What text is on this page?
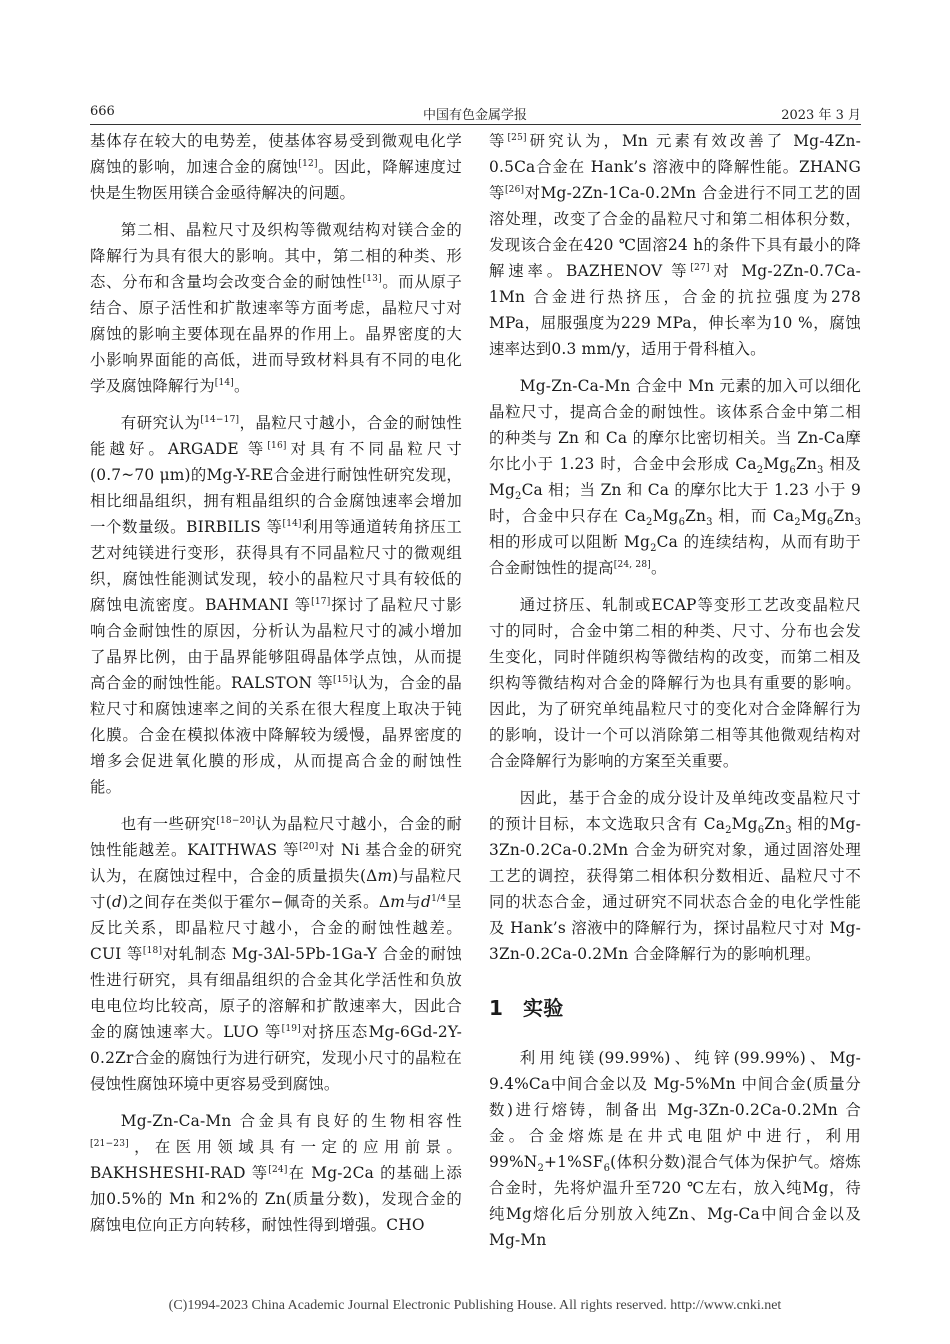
666	中国有色金属学报	2023 年 3 月

基体存在较大的电势差，使基体容易受到微观电化学腐蚀的影响，加速合金的腐蚀[12]。因此，降解速度过快是生物医用镁合金亟待解决的问题。

第二相、晶粒尺寸及织构等微观结构对镁合金的降解行为具有很大的影响。其中，第二相的种类、形态、分布和含量均会改变合金的耐蚀性[13]。而从原子结合、原子活性和扩散速率等方面考虑，晶粒尺寸对腐蚀的影响主要体现在晶界的作用上。晶界密度的大小影响界面能的高低，进而导致材料具有不同的电化学及腐蚀降解行为[14]。

有研究认为[14−17]，晶粒尺寸越小，合金的耐蚀性能越好。ARGADE 等[16]对具有不同晶粒尺寸(0.7~70 μm)的Mg-Y-RE合金进行耐蚀性研究发现，相比细晶组织，拥有粗晶组织的合金腐蚀速率会增加一个数量级。BIRBILIS 等[14]利用等通道转角挤压工艺对纯镁进行变形，获得具有不同晶粒尺寸的微观组织，腐蚀性能测试发现，较小的晶粒尺寸具有较低的腐蚀电流密度。BAHMANI 等[17]探讨了晶粒尺寸影响合金耐蚀性的原因，分析认为晶粒尺寸的减小增加了晶界比例，由于晶界能够阻碍晶体学点蚀，从而提高合金的耐蚀性能。RALSTON 等[15]认为，合金的晶粒尺寸和腐蚀速率之间的关系在很大程度上取决于钝化膜。合金在模拟体液中降解较为缓慢，晶界密度的增多会促进氧化膜的形成，从而提高合金的耐蚀性能。

也有一些研究[18−20]认为晶粒尺寸越小，合金的耐蚀性能越差。KAITHWAS 等[20]对 Ni 基合金的研究认为，在腐蚀过程中，合金的质量损失(Δm)与晶粒尺寸(d)之间存在类似于霍尔−佩奇的关系。Δm与$d^{1/4}$呈反比关系，即晶粒尺寸越小，合金的耐蚀性越差。CUI 等[18]对轧制态 Mg-3Al-5Pb-1Ga-Y 合金的耐蚀性进行研究，具有细晶组织的合金其化学活性和负放电电位均比较高，原子的溶解和扩散速率大，因此合金的腐蚀速率大。LUO 等[19]对挤压态Mg-6Gd-2Y-0.2Zr合金的腐蚀行为进行研究，发现小尺寸的晶粒在侵蚀性腐蚀环境中更容易受到腐蚀。

Mg-Zn-Ca-Mn 合金具有良好的生物相容性[21−23]，在医用领域具有一定的应用前景。BAKHSHESHI-RAD 等[24]在 Mg-2Ca 的基础上添加0.5%的 Mn 和2%的 Zn(质量分数)，发现合金的腐蚀电位向正方向转移，耐蚀性得到增强。CHO

等[25]研究认为，Mn 元素有效改善了 Mg-4Zn-0.5Ca合金在 Hank’s 溶液中的降解性能。ZHANG 等[26]对Mg-2Zn-1Ca-0.2Mn 合金进行不同工艺的固溶处理，改变了合金的晶粒尺寸和第二相体积分数，发现该合金在420 ℃固溶24 h的条件下具有最小的降解速率。BAZHENOV 等[27]对 Mg-2Zn-0.7Ca-1Mn 合金进行热挤压，合金的抗拉强度为278 MPa，屈服强度为229 MPa，伸长率为10 %，腐蚀速率达到0.3 mm/y，适用于骨科植入。

Mg-Zn-Ca-Mn 合金中 Mn 元素的加入可以细化晶粒尺寸，提高合金的耐蚀性。该体系合金中第二相的种类与 Zn 和 Ca 的摩尔比密切相关。当 Zn-Ca摩尔比小于 1.23 时，合金中会形成 $Ca_2Mg_6Zn_3$ 相及$Mg_2Ca$ 相；当 Zn 和 Ca 的摩尔比大于 1.23 小于 9 时，合金中只存在 $Ca_2Mg_6Zn_3$ 相，而 $Ca_2Mg_6Zn_3$ 相的形成可以阻断 $Mg_2Ca$ 的连续结构，从而有助于合金耐蚀性的提高[24, 28]。

通过挤压、轧制或ECAP等变形工艺改变晶粒尺寸的同时，合金中第二相的种类、尺寸、分布也会发生变化，同时伴随织构等微结构的改变，而第二相及织构等微结构对合金的降解行为也具有重要的影响。因此，为了研究单纯晶粒尺寸的变化对合金降解行为的影响，设计一个可以消除第二相等其他微观结构对合金降解行为影响的方案至关重要。

因此，基于合金的成分设计及单纯改变晶粒尺寸的预计目标，本文选取只含有 $Ca_2Mg_6Zn_3$ 相的Mg-3Zn-0.2Ca-0.2Mn 合金为研究对象，通过固溶处理工艺的调控，获得第二相体积分数相近、晶粒尺寸不同的状态合金，通过研究不同状态合金的电化学性能及 Hank’s 溶液中的降解行为，探讨晶粒尺寸对 Mg-3Zn-0.2Ca-0.2Mn 合金降解行为的影响机理。

1 实验

利用纯镁(99.99%)、纯锌(99.99%)、Mg-9.4%Ca中间合金以及 Mg-5%Mn 中间合金(质量分数)进行熔铸，制备出 Mg-3Zn-0.2Ca-0.2Mn 合金。合金熔炼是在井式电阻炉中进行，利用$99\%N_2+1\%SF_6$(体积分数)混合气体为保护气。熔炼合金时，先将炉温升至720 ℃左右，放入纯Mg，待纯Mg熔化后分别放入纯Zn、Mg-Ca中间合金以及Mg-Mn

(C)1994-2023 China Academic Journal Electronic Publishing House. All rights reserved. http://www.cnki.net
